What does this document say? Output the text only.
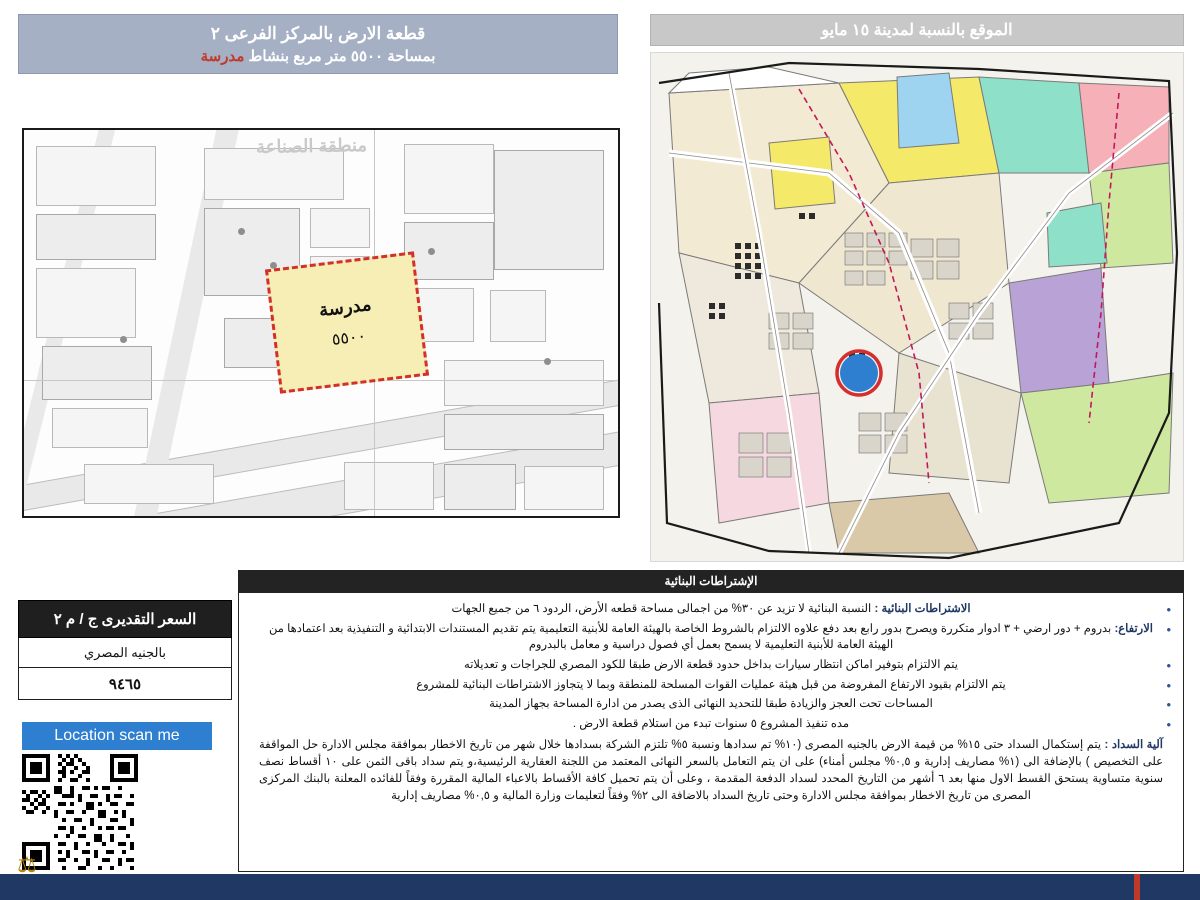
قطعة الارض بالمركز الفرعى ٢
بمساحة ٥٥٠٠ متر مربع بنشاط مدرسة
منطقة الصناعة
مدرسة
٥٥٠٠
الموقع بالنسبة لمدينة ١٥ مايو
السعر التقديرى ج / م ٢
بالجنيه المصري
٩٤٦٥
Location scan me
الإشتراطات البنائية
• الاشتراطات البنائية : النسبة البنائية لا تزيد عن ٣٠% من اجمالى مساحة قطعه الأرض، الردود ٦ من جميع الجهات
• الارتفاع: بدروم + دور ارضي + ٣ ادوار متكررة ويصرح بدور رابع بعد دفع علاوه الالتزام بالشروط الخاصة بالهيئة العامة للأبنية التعليمية يتم تقديم المستندات الابتدائية و التنفيذية بعد اعتمادها من الهيئة العامة للأبنية التعليمية لا يسمح بعمل أي فصول دراسية و معامل بالبدروم
• يتم الالتزام بتوفير اماكن انتظار سيارات بداخل حدود قطعة الارض طبقا للكود المصري للجراجات و تعديلاته
• يتم الالتزام بقيود الارتفاع المفروضة من قبل هيئة عمليات القوات المسلحة للمنطقة وبما لا يتجاوز الاشتراطات البنائية للمشروع
• المساحات تحت العجز والزيادة طبقا للتحديد النهائى الذى يصدر من ادارة المساحة بجهاز المدينة
• مده تنفيذ المشروع ٥ سنوات تبدء من استلام قطعة الارض .
آلية السداد : يتم إستكمال السداد حتى ١٥% من قيمة الارض بالجنيه المصرى (١٠% تم سدادها ونسبة ٥% تلتزم الشركة بسدادها خلال شهر من تاريخ الاخطار بموافقة مجلس الادارة حل المواقفة على التخصيص ) بالإضافة الى (١% مصاريف إدارية و ٠,٥% مجلس أمناء) على ان يتم التعامل بالسعر النهائى المعتمد من اللجنة العقارية الرئيسية،و يتم سداد باقى الثمن على ١٠ أقساط نصف سنوية متساوية يستحق القسط الاول منها بعد ٦ أشهر من التاريخ المحدد لسداد الدفعة المقدمة ، وعلى أن يتم تحميل كافة الأقساط بالاعباء المالية المقررة وفقاً للفائده المعلنة بالبنك المركزى المصرى من تاريخ الاخطار بموافقة مجلس الادارة وحتى تاريخ السداد بالاضافة الى ٢% وفقاً لتعليمات وزارة المالية و ٠,٥% مصاريف إدارية
⚖
